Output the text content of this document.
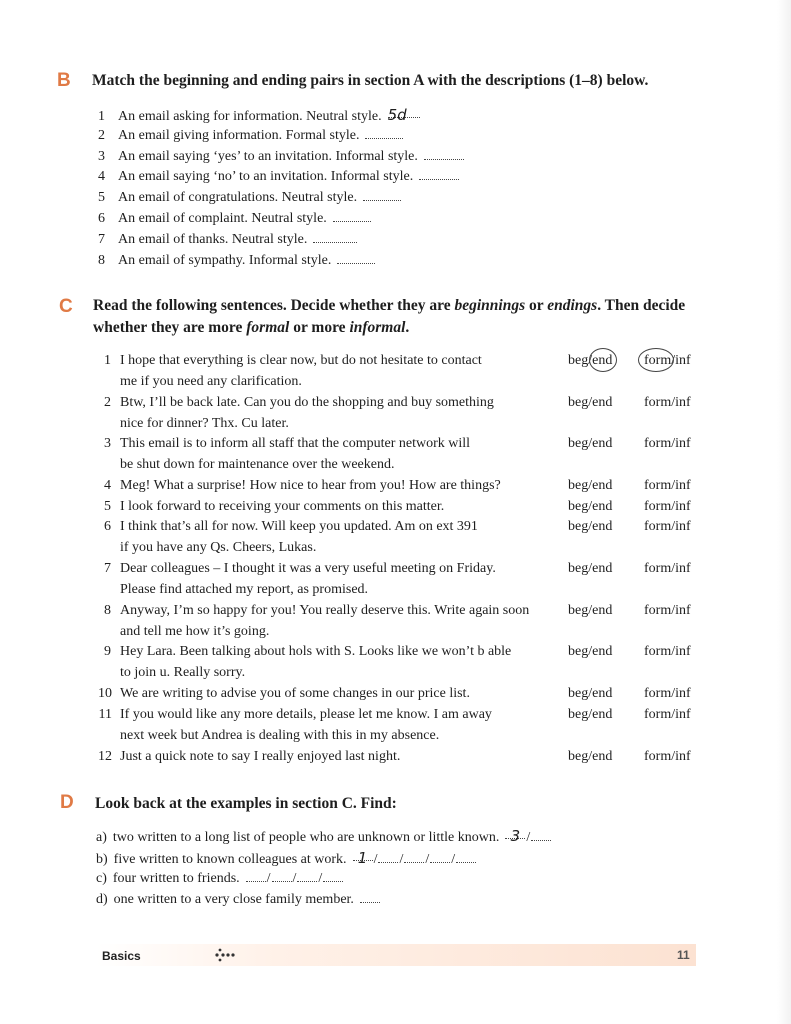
B Match the beginning and ending pairs in section A with the descriptions (1–8) below.
1 An email asking for information. Neutral style. 5d
2 An email giving information. Formal style.
3 An email saying ‘yes’ to an invitation. Informal style.
4 An email saying ‘no’ to an invitation. Informal style.
5 An email of congratulations. Neutral style.
6 An email of complaint. Neutral style.
7 An email of thanks. Neutral style.
8 An email of sympathy. Informal style.
C Read the following sentences. Decide whether they are beginnings or endings. Then decide whether they are more formal or more informal.
1 I hope that everything is clear now, but do not hesitate to contact
me if you need any clarification.
beg/end form/inf
2 Btw, I’ll be back late. Can you do the shopping and buy something
nice for dinner? Thx. Cu later.
beg/end form/inf
3 This email is to inform all staff that the computer network will
be shut down for maintenance over the weekend.
beg/end form/inf
4 Meg! What a surprise! How nice to hear from you! How are things?	beg/end form/inf
5 I look forward to receiving your comments on this matter.	beg/end form/inf
6 I think that’s all for now. Will keep you updated. Am on ext 391
if you have any Qs. Cheers, Lukas.
beg/end form/inf
7 Dear colleagues – I thought it was a very useful meeting on Friday.
Please find attached my report, as promised.
beg/end form/inf
8 Anyway, I’m so happy for you! You really deserve this. Write again soon
and tell me how it’s going.
beg/end form/inf
9 Hey Lara. Been talking about hols with S. Looks like we won’t b able
to join u. Really sorry.
beg/end form/inf
10 We are writing to advise you of some changes in our price list.	beg/end form/inf
11 If you would like any more details, please let me know. I am away
next week but Andrea is dealing with this in my absence.
beg/end form/inf
12 Just a quick note to say I really enjoyed last night.	beg/end form/inf
D Look back at the examples in section C. Find:
a) two written to a long list of people who are unknown or little known. 3 /
b) five written to known colleagues at work. 1 / / / /
c) four written to friends. / / /
d) one written to a very close family member.
Basics	11
